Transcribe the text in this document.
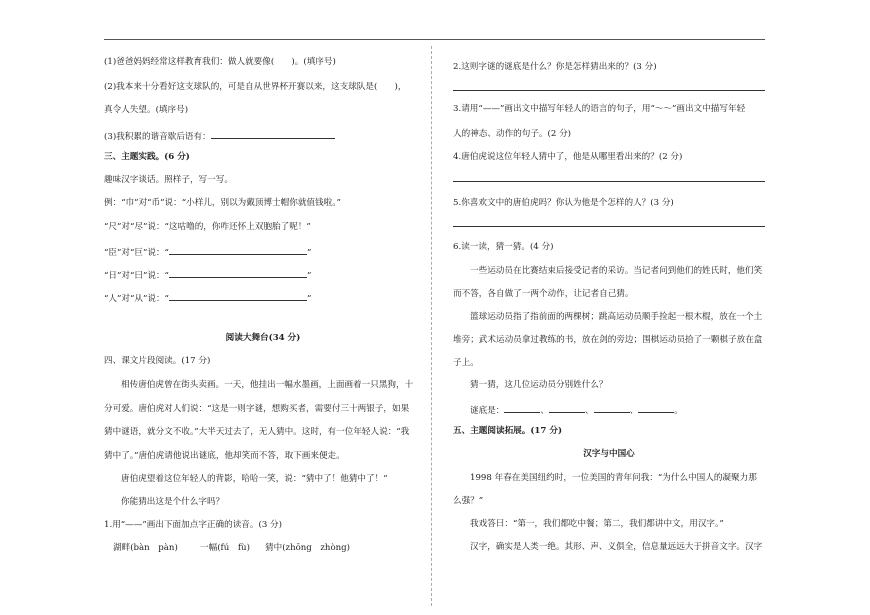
(1)爸爸妈妈经常这样教育我们：做人就要像(　　)。(填序号)
(2)我本来十分看好这支球队的，可是自从世界杯开赛以来，这支球队是(　　)，
真令人失望。(填序号)
(3)我积累的谐音歇后语有：
三、主题实践。(6 分)
趣味汉字谈话。照样子，写一写。
例：“巾”对“币”说：“小样儿，别以为戴顶博士帽你就值钱啦。”
“尺”对“尽”说：“这咕噜的，你咋还怀上双胞胎了呢！”
“臣”对“巨”说：“	”
“日”对“曰”说：“	”
“人”对“从”说：“	”
阅读大舞台(34 分)
四、课文片段阅读。(17 分)
相传唐伯虎曾在街头卖画。一天，他挂出一幅水墨画，上面画着一只黑狗，十
分可爱。唐伯虎对人们说：“这是一则字谜，想购买者，需要付三十两银子，如果
猜中谜语，就分文不收。”大半天过去了，无人猜中。这时，有一位年轻人说：“我
猜中了。”唐伯虎请他说出谜底，他却笑而不答，取下画来便走。
唐伯虎望着这位年轻人的背影，哈哈一笑，说：“猜中了！他猜中了！”
你能猜出这是个什么字吗？
1.用“——”画出下面加点字正确的读音。(3 分)
湖畔(bàn　pàn)	一幅(fú　fù) 猜中(zhōng　zhòng)
2.这则字谜的谜底是什么？你是怎样猜出来的？(3 分)
3.请用“——”画出文中描写年轻人的语言的句子，用“～～”画出文中描写年轻
人的神态、动作的句子。(2 分)
4.唐伯虎说这位年轻人猜中了，他是从哪里看出来的？(2 分)
5.你喜欢文中的唐伯虎吗？你认为他是个怎样的人？(3 分)
6.读一读，猜一猜。(4 分)
一些运动员在比赛结束后接受记者的采访。当记者问到他们的姓氏时，他们笑
而不答，各自做了一两个动作，让记者自己猜。
篮球运动员指了指前面的两棵树；跳高运动员顺手捡起一根木棍，放在一个土
堆旁；武术运动员拿过教练的书，放在剑的旁边；围棋运动员拾了一颗棋子放在盒
子上。
猜一猜，这几位运动员分别姓什么？
谜底是：	、	、	、	。
五、主题阅读拓展。(17 分)
汉字与中国心
1998 年春在美国纽约时，一位美国的青年问我：“为什么中国人的凝聚力那
么强？”
我戏答曰：“第一，我们都吃中餐；第二，我们都讲中文，用汉字。”
汉字，确实是人类一绝。其形、声、义俱全，信息量远远大于拼音文字。汉字
